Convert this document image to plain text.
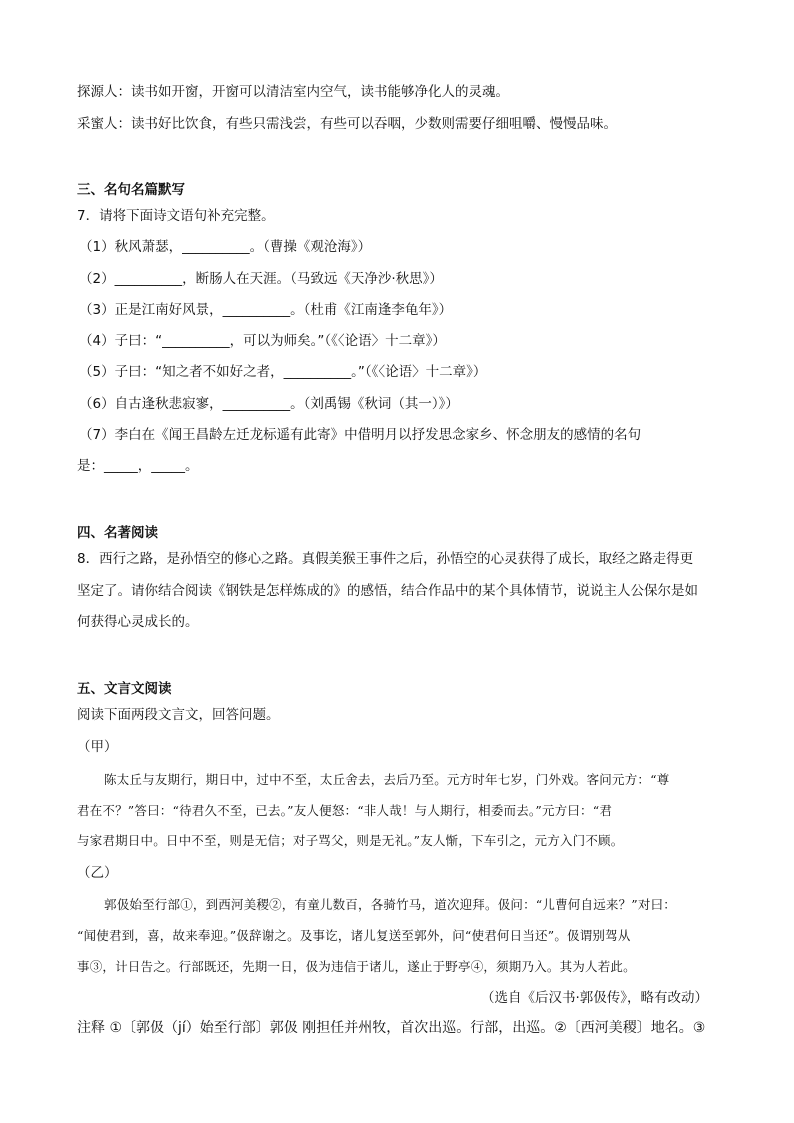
探源人：读书如开窗，开窗可以清洁室内空气，读书能够净化人的灵魂。
采蜜人：读书好比饮食，有些只需浅尝，有些可以吞咽，少数则需要仔细咀嚼、慢慢品味。
三、名句名篇默写
7．请将下面诗文语句补充完整。
（1）秋风萧瑟，__________。（曹操《观沧海》）
（2）__________，断肠人在天涯。（马致远《天净沙·秋思》）
（3）正是江南好风景，__________。（杜甫《江南逢李龟年》）
（4）子曰：“__________，可以为师矣。”（《〈论语〉十二章》）
（5）子曰：“知之者不如好之者，__________。”（《〈论语〉十二章》）
（6）自古逢秋悲寂寥，__________。（刘禹锡《秋词（其一）》）
（7）李白在《闻王昌龄左迁龙标遥有此寄》中借明月以抒发思念家乡、怀念朋友的感情的名句
是：_____，_____。
四、名著阅读
8．西行之路，是孙悟空的修心之路。真假美猴王事件之后，孙悟空的心灵获得了成长，取经之路走得更
坚定了。请你结合阅读《钢铁是怎样炼成的》的感悟，结合作品中的某个具体情节，说说主人公保尔是如
何获得心灵成长的。
五、文言文阅读
阅读下面两段文言文，回答问题。
（甲）
陈太丘与友期行，期日中，过中不至，太丘舍去，去后乃至。元方时年七岁，门外戏。客问元方：“尊
君在不？”答曰：“待君久不至，已去。”友人便怒：“非人哉！与人期行，相委而去。”元方曰：“君
与家君期日中。日中不至，则是无信；对子骂父，则是无礼。”友人惭，下车引之，元方入门不顾。
（乙）
郭伋始至行部①，到西河美稷②，有童儿数百，各骑竹马，道次迎拜。伋问：“儿曹何自远来？”对曰：
“闻使君到，喜，故来奉迎。”伋辞谢之。及事讫，诸儿复送至郭外，问“使君何日当还”。伋谓别驾从
事③，计日告之。行部既还，先期一日，伋为违信于诸儿，遂止于野亭④，须期乃入。其为人若此。
（选自《后汉书·郭伋传》，略有改动）
注释 ①〔郭伋（jí）始至行部〕郭伋 刚担任并州牧，首次出巡。行部，出巡。②〔西河美稷〕地名。③
